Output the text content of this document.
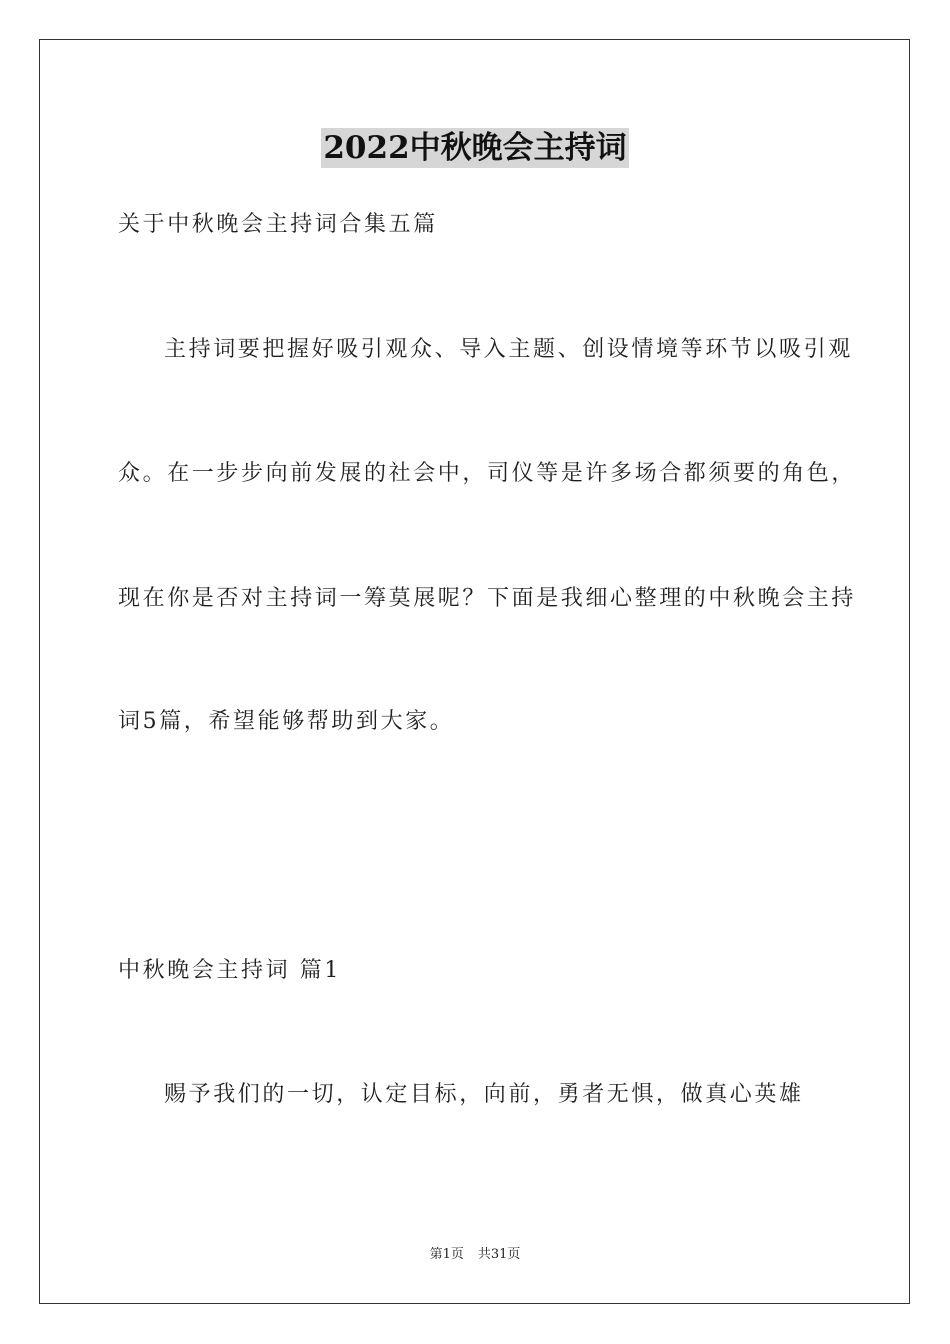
2022中秋晚会主持词
关于中秋晚会主持词合集五篇
主持词要把握好吸引观众、导入主题、创设情境等环节以吸引观
众。在一步步向前发展的社会中，司仪等是许多场合都须要的角色，
现在你是否对主持词一筹莫展呢？下面是我细心整理的中秋晚会主持
词5篇，希望能够帮助到大家。
中秋晚会主持词 篇1
赐予我们的一切，认定目标，向前，勇者无惧，做真心英雄
第1页 共31页
